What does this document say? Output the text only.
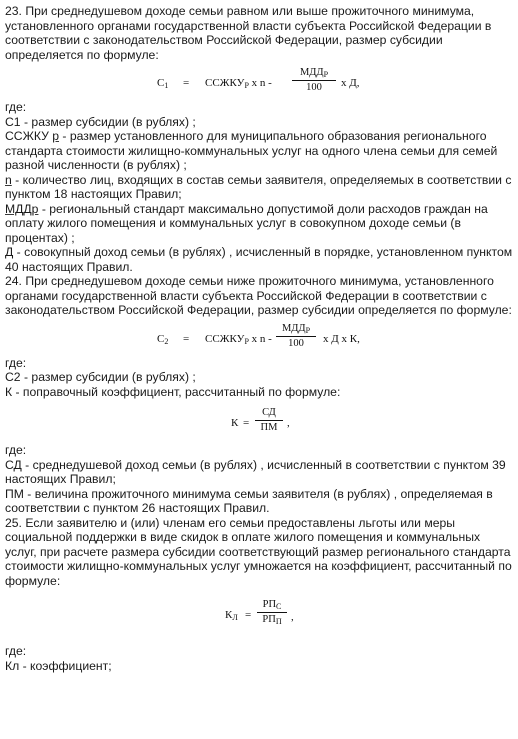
23. При среднедушевом доходе семьи равном или выше прожиточного минимума, установленного органами государственной власти субъекта Российской Федерации в соответствии с законодательством Российской Федерации, размер субсидии определяется по формуле:

$С_1$ = $ССЖКУ_Р$ x n -
$МДД_Р$
100	x Д,

где:

С1 - размер субсидии (в рублях) ;

ССЖКУ р - размер установленного для муниципального образования регионального стандарта стоимости жилищно-коммунальных услуг на одного члена семьи для семей разной численности (в рублях) ;

n - количество лиц, входящих в состав семьи заявителя, определяемых в соответствии с пунктом 18 настоящих Правил;

МДДр - региональный стандарт максимально допустимой доли расходов граждан на оплату жилого помещения и коммунальных услуг в совокупном доходе семьи (в процентах) ;

Д - совокупный доход семьи (в рублях) , исчисленный в порядке, установленном пунктом 40 настоящих Правил.

24. При среднедушевом доходе семьи ниже прожиточного минимума, установленного органами государственной власти субъекта Российской Федерации в соответствии с законодательством Российской Федерации, размер субсидии определяется по формуле:

$С_2$ = $ССЖКУ_Р$ x n -
$МДД_Р$
100	x Д x К,

где:

С2 - размер субсидии (в рублях) ;

К - поправочный коэффициент, рассчитанный по формуле:

К =
СД
ПМ ,

где:

СД - среднедушевой доход семьи (в рублях) , исчисленный в соответствии с пунктом 39 настоящих Правил;

ПМ - величина прожиточного минимума семьи заявителя (в рублях) , определяемая в соответствии с пунктом 26 настоящих Правил.

25. Если заявителю и (или) членам его семьи предоставлены льготы или меры социальной поддержки в виде скидок в оплате жилого помещения и коммунальных услуг, при расчете размера субсидии соответствующий размер регионального стандарта стоимости жилищно-коммунальных услуг умножается на коэффициент, рассчитанный по формуле:

$К_Л$ =
$РП_С$
$РП_П$ ,

где:

Кл - коэффициент;
